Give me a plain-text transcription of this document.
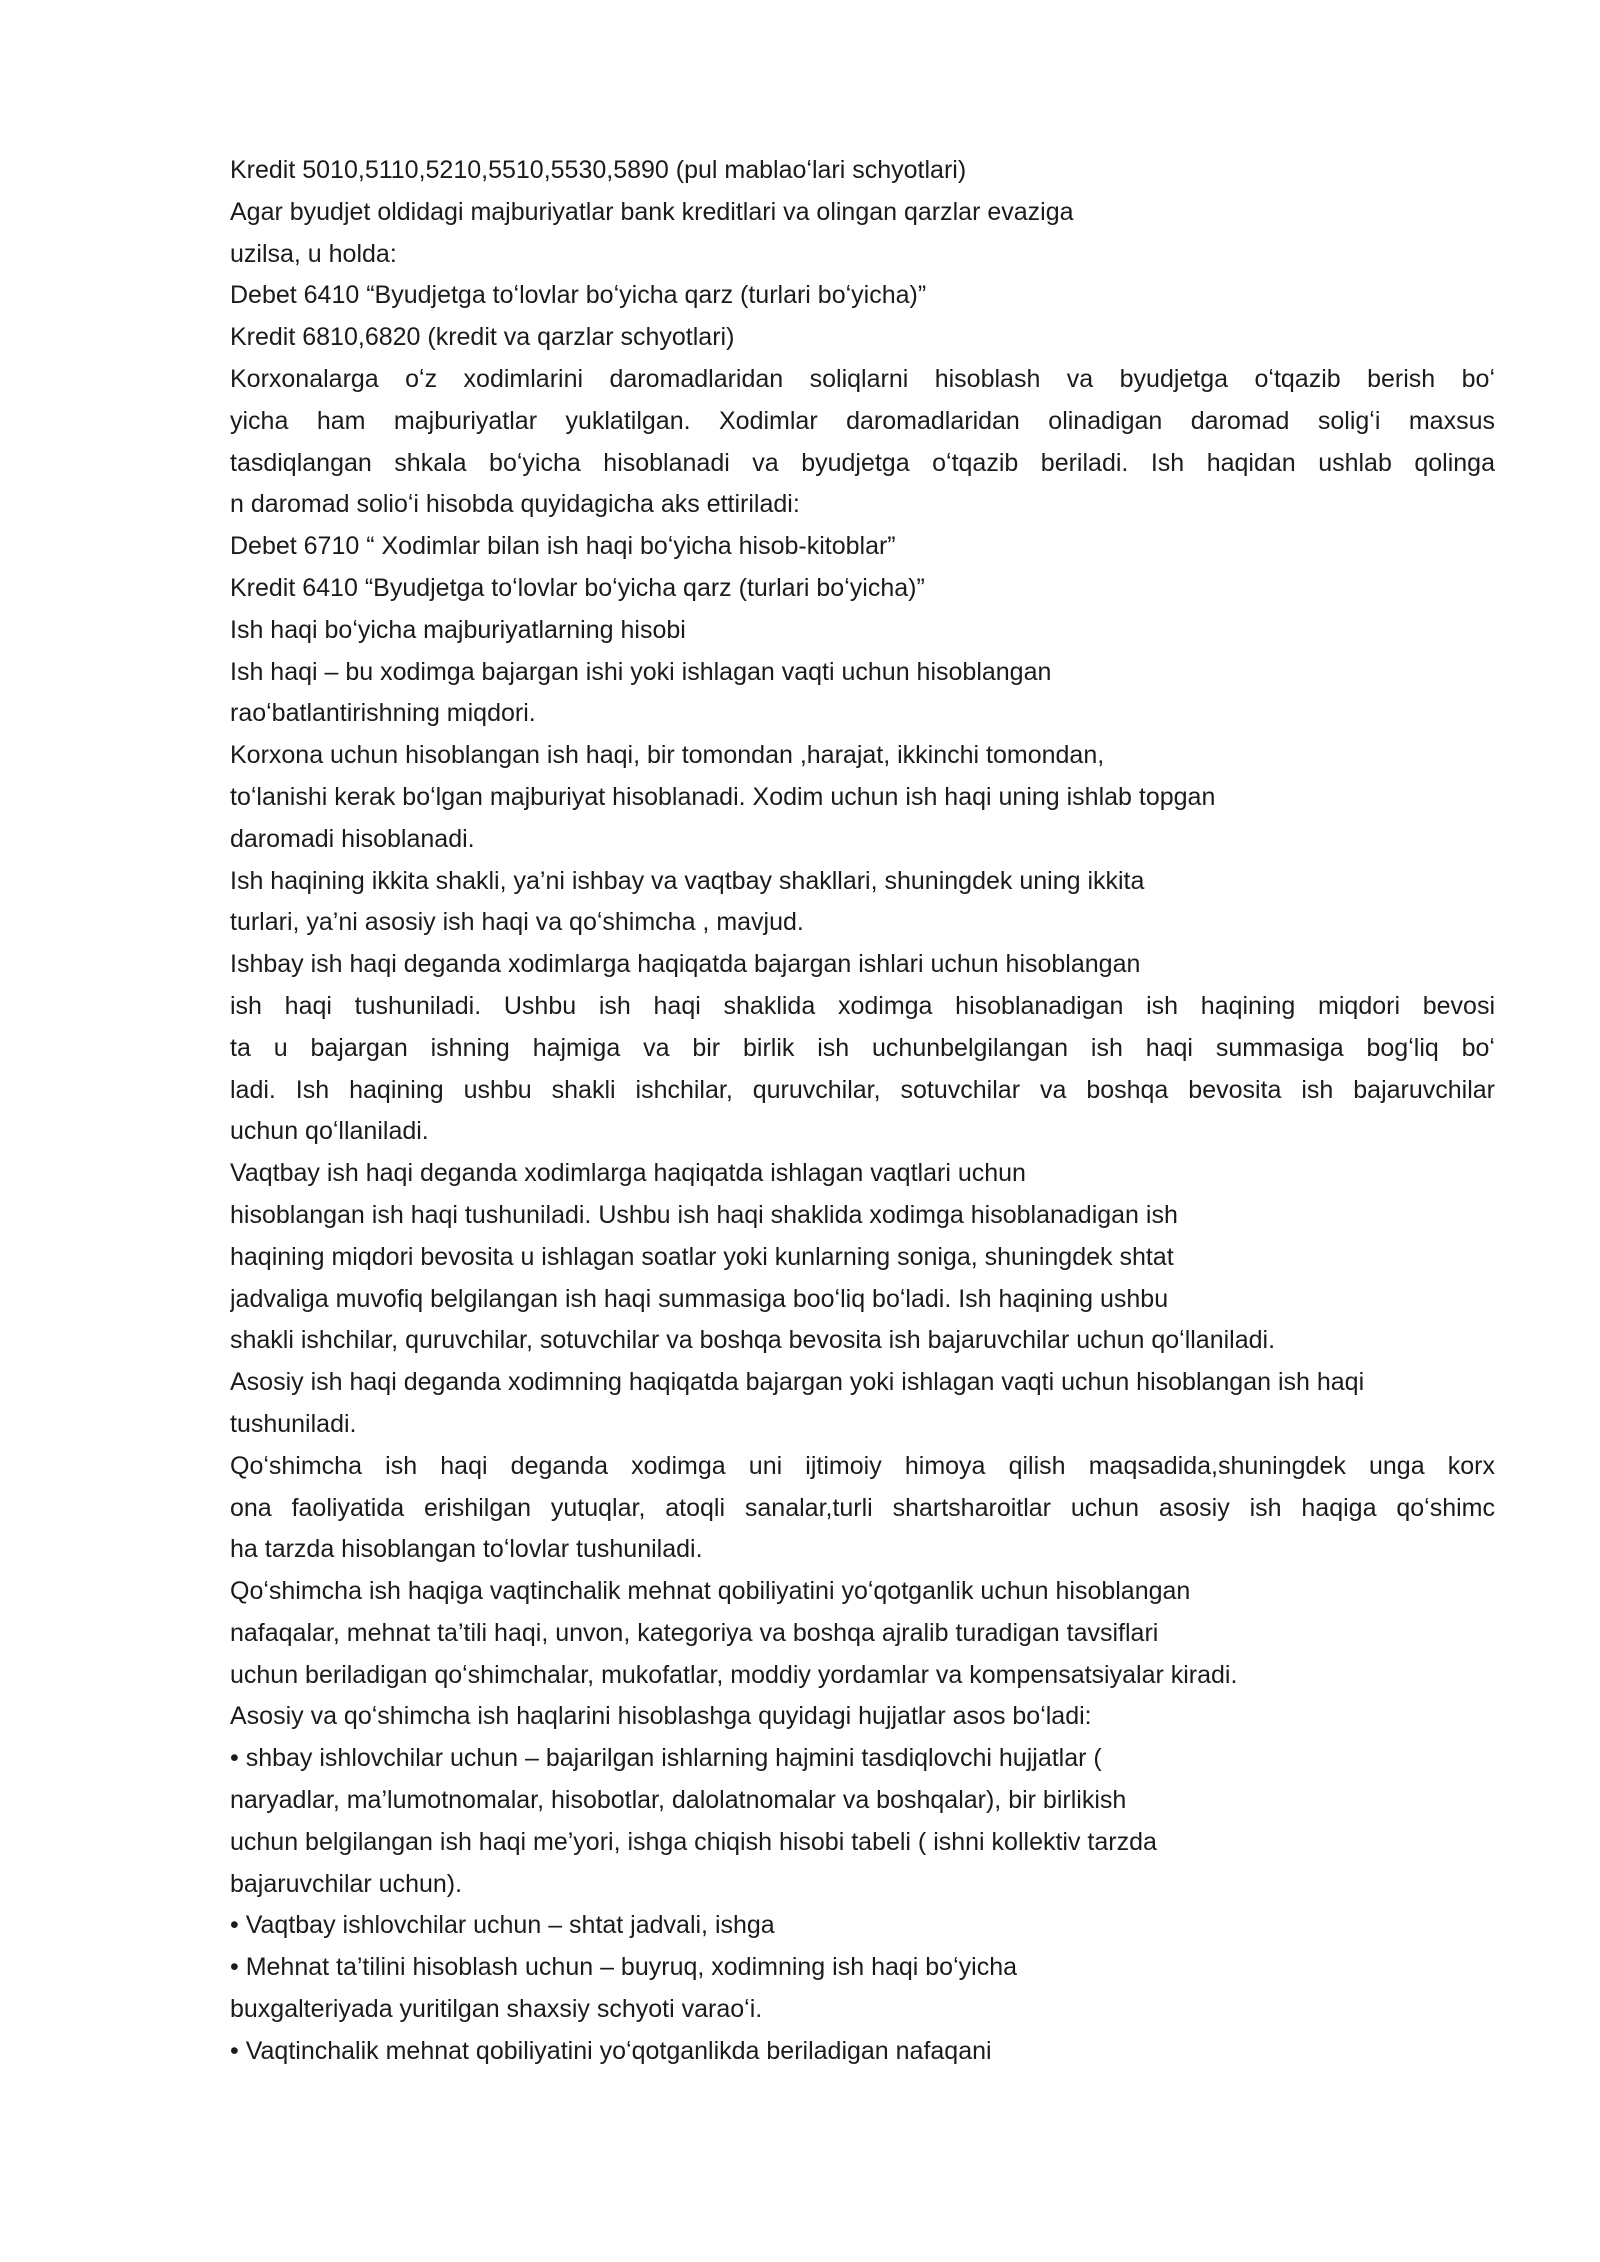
Kredit 5010,5110,5210,5510,5530,5890 (pul mablaoʻlari schyotlari)
Agar byudjet oldidagi majburiyatlar bank kreditlari va olingan qarzlar evaziga
uzilsa, u holda:
Debet 6410 “Byudjetga toʻlovlar boʻyicha qarz (turlari boʻyicha)”
Kredit 6810,6820 (kredit va qarzlar schyotlari)
Korxonalarga oʻz xodimlarini daromadlaridan soliqlarni hisoblash va byudjetga oʻtqazib berish boʻ
yicha ham majburiyatlar yuklatilgan. Xodimlar daromadlaridan olinadigan daromad soligʻi maxsus
tasdiqlangan shkala boʻyicha hisoblanadi va byudjetga oʻtqazib beriladi. Ish haqidan ushlab qolinga
n daromad solioʻi hisobda quyidagicha aks ettiriladi:
Debet 6710 “ Xodimlar bilan ish haqi boʻyicha hisob-kitoblar”
Kredit 6410 “Byudjetga toʻlovlar boʻyicha qarz (turlari boʻyicha)”
Ish haqi boʻyicha majburiyatlarning hisobi
Ish haqi – bu xodimga bajargan ishi yoki ishlagan vaqti uchun hisoblangan
raoʻbatlantirishning miqdori.
Korxona uchun hisoblangan ish haqi, bir tomondan ,harajat, ikkinchi tomondan,
toʻlanishi kerak boʻlgan majburiyat hisoblanadi. Xodim uchun ish haqi uning ishlab topgan
daromadi hisoblanadi.
Ish haqining ikkita shakli, ya’ni ishbay va vaqtbay shakllari, shuningdek uning ikkita
turlari, ya’ni asosiy ish haqi va qoʻshimcha , mavjud.
Ishbay ish haqi deganda xodimlarga haqiqatda bajargan ishlari uchun hisoblangan
ish haqi tushuniladi. Ushbu ish haqi shaklida xodimga hisoblanadigan ish haqining miqdori bevosi
ta u bajargan ishning hajmiga va bir birlik ish uchunbelgilangan ish haqi summasiga bogʻliq boʻ
ladi. Ish haqining ushbu shakli ishchilar, quruvchilar, sotuvchilar va boshqa bevosita ish bajaruvchilar
uchun qoʻllaniladi.
Vaqtbay ish haqi deganda xodimlarga haqiqatda ishlagan vaqtlari uchun
hisoblangan ish haqi tushuniladi. Ushbu ish haqi shaklida xodimga hisoblanadigan ish
haqining miqdori bevosita u ishlagan soatlar yoki kunlarning soniga, shuningdek shtat
jadvaliga muvofiq belgilangan ish haqi summasiga booʻliq boʻladi. Ish haqining ushbu
shakli ishchilar, quruvchilar, sotuvchilar va boshqa bevosita ish bajaruvchilar uchun qoʻllaniladi.
Asosiy ish haqi deganda xodimning haqiqatda bajargan yoki ishlagan vaqti uchun hisoblangan ish haqi
tushuniladi.
Qoʻshimcha ish haqi deganda xodimga uni ijtimoiy himoya qilish maqsadida,shuningdek unga korx
ona faoliyatida erishilgan yutuqlar, atoqli sanalar,turli shartsharoitlar uchun asosiy ish haqiga qoʻshimc
ha tarzda hisoblangan toʻlovlar tushuniladi.
Qoʻshimcha ish haqiga vaqtinchalik mehnat qobiliyatini yoʻqotganlik uchun hisoblangan
nafaqalar, mehnat ta’tili haqi, unvon, kategoriya va boshqa ajralib turadigan tavsiflari
uchun beriladigan qoʻshimchalar, mukofatlar, moddiy yordamlar va kompensatsiyalar kiradi.
Asosiy va qoʻshimcha ish haqlarini hisoblashga quyidagi hujjatlar asos boʻladi:
• shbay ishlovchilar uchun – bajarilgan ishlarning hajmini tasdiqlovchi hujjatlar (
naryadlar, ma’lumotnomalar, hisobotlar, dalolatnomalar va boshqalar), bir birlikish
uchun belgilangan ish haqi me’yori, ishga chiqish hisobi tabeli ( ishni kollektiv tarzda
bajaruvchilar uchun).
• Vaqtbay ishlovchilar uchun – shtat jadvali, ishga
• Mehnat ta’tilini hisoblash uchun – buyruq, xodimning ish haqi boʻyicha
buxgalteriyada yuritilgan shaxsiy schyoti varaoʻi.
• Vaqtinchalik mehnat qobiliyatini yoʻqotganlikda beriladigan nafaqani
